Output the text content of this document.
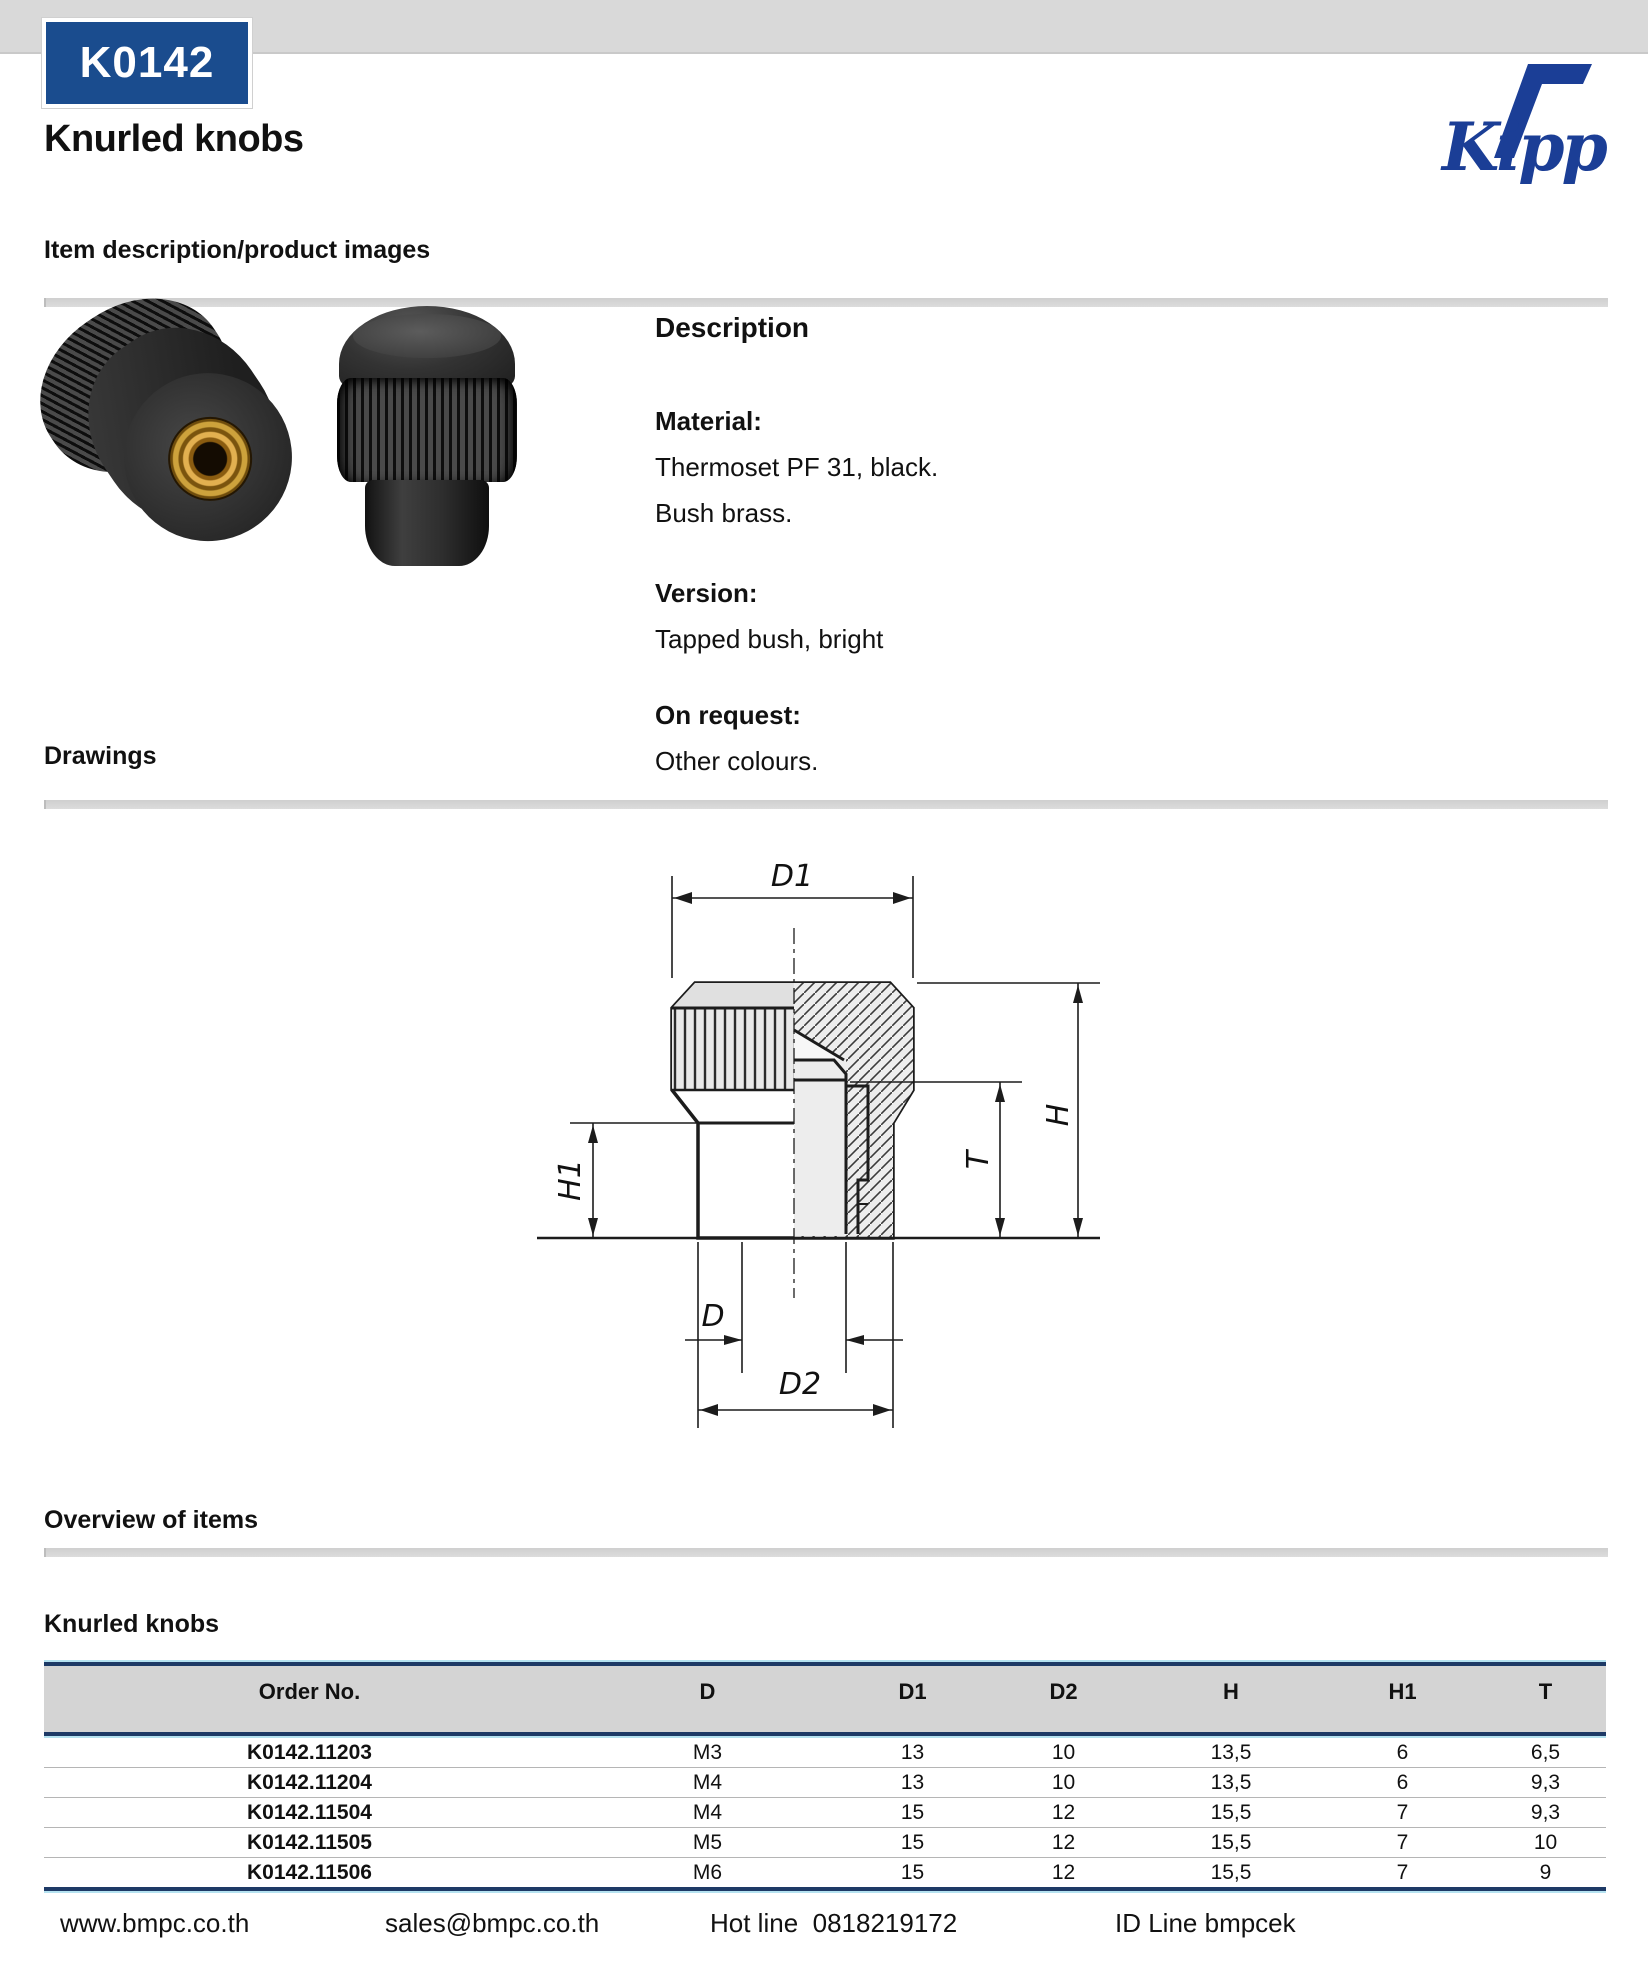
K0142
Knurled knobs	Kipp
Item description/product images
Description
Material:
Thermoset PF 31, black.
Bush brass.
Version:
Tapped bush, bright
On request:
Other colours.
Drawings
D1
H
T
H1
D
D2
Overview of items
Knurled knobs
Order No.	D	D1	D2	H	H1	T
K0142.11203	M3	13	10	13,5	6	6,5
K0142.11204	M4	13	10	13,5	6	9,3
K0142.11504	M4	15	12	15,5	7	9,3
K0142.11505	M5	15	12	15,5	7	10
K0142.11506	M6	15	12	15,5	7	9
www.bmpc.co.th	sales@bmpc.co.th	Hot line  0818219172	ID Line bmpcek
